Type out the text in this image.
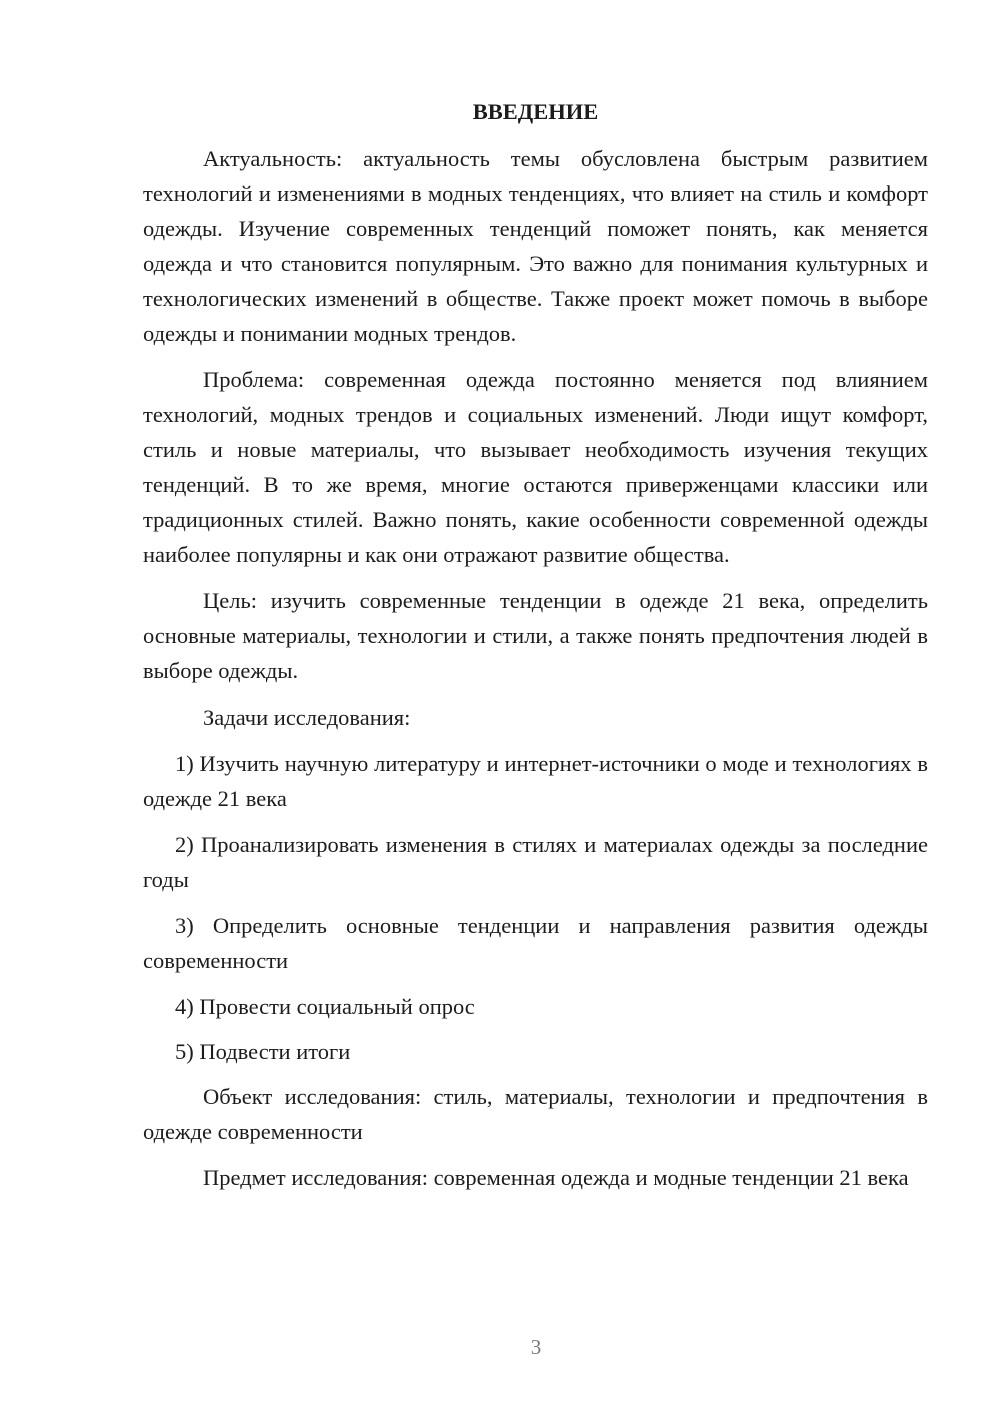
ВВЕДЕНИЕ

Актуальность: актуальность темы обусловлена быстрым развитием технологий и изменениями в модных тенденциях, что влияет на стиль и комфорт одежды. Изучение современных тенденций поможет понять, как меняется одежда и что становится популярным. Это важно для понимания культурных и технологических изменений в обществе. Также проект может помочь в выборе одежды и понимании модных трендов.

Проблема: современная одежда постоянно меняется под влиянием технологий, модных трендов и социальных изменений. Люди ищут комфорт, стиль и новые материалы, что вызывает необходимость изучения текущих тенденций. В то же время, многие остаются приверженцами классики или традиционных стилей. Важно понять, какие особенности современной одежды наиболее популярны и как они отражают развитие общества.

Цель: изучить современные тенденции в одежде 21 века, определить основные материалы, технологии и стили, а также понять предпочтения людей в выборе одежды.

Задачи исследования:

1) Изучить научную литературу и интернет-источники о моде и технологиях в одежде 21 века

2) Проанализировать изменения в стилях и материалах одежды за последние годы

3) Определить основные тенденции и направления развития одежды современности

4) Провести социальный опрос

5) Подвести итоги

Объект исследования: стиль, материалы, технологии и предпочтения в одежде современности

Предмет исследования: современная одежда и модные тенденции 21 века

3
